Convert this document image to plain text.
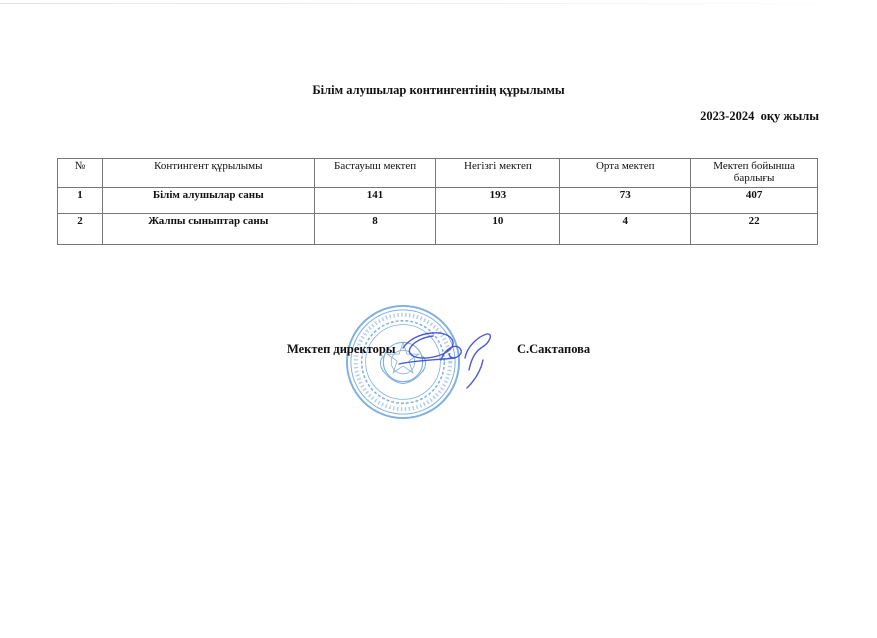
Білім алушылар контингентінің құрылымы
2023-2024  оқу жылы
№	Контингент құрылымы	Бастауыш мектеп	Негізгі мектеп	Орта мектеп	Мектеп бойынша барлығы
1	Білім алушылар саны	141	193	73	407
2	Жалпы сыныптар саны	8	10	4	22
Мектеп директоры	С.Сактапова
